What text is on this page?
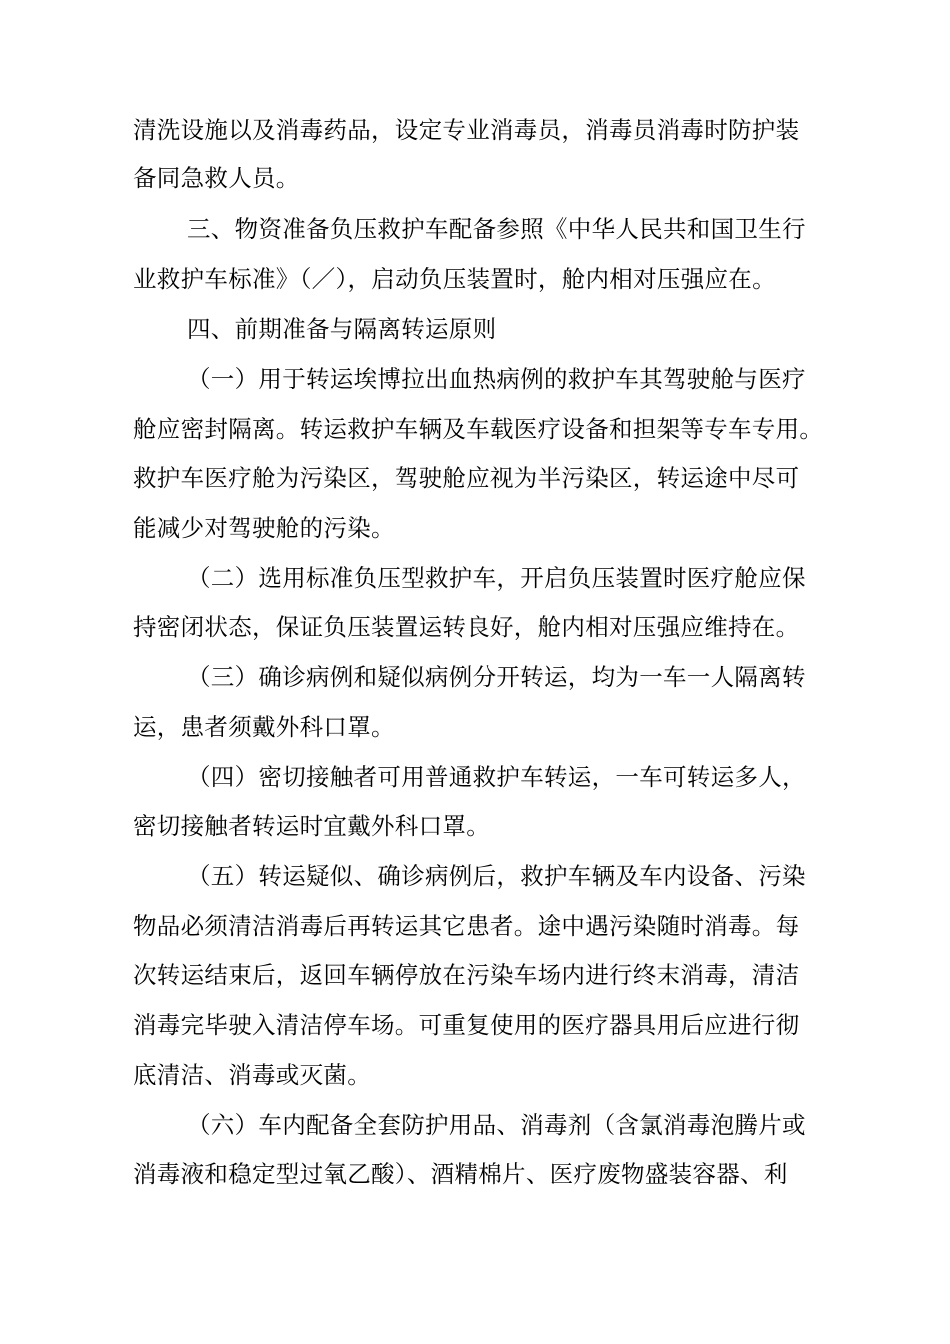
清洗设施以及消毒药品，设定专业消毒员，消毒员消毒时防护装
备同急救人员。
三、物资准备负压救护车配备参照《中华人民共和国卫生行
业救护车标准》（／），启动负压装置时，舱内相对压强应在。
四、前期准备与隔离转运原则
（一）用于转运埃博拉出血热病例的救护车其驾驶舱与医疗
舱应密封隔离。转运救护车辆及车载医疗设备和担架等专车专用。
救护车医疗舱为污染区，驾驶舱应视为半污染区，转运途中尽可
能减少对驾驶舱的污染。
（二）选用标准负压型救护车，开启负压装置时医疗舱应保
持密闭状态，保证负压装置运转良好，舱内相对压强应维持在。
（三）确诊病例和疑似病例分开转运，均为一车一人隔离转
运，患者须戴外科口罩。
（四）密切接触者可用普通救护车转运，一车可转运多人，
密切接触者转运时宜戴外科口罩。
（五）转运疑似、确诊病例后，救护车辆及车内设备、污染
物品必须清洁消毒后再转运其它患者。途中遇污染随时消毒。每
次转运结束后，返回车辆停放在污染车场内进行终末消毒，清洁
消毒完毕驶入清洁停车场。可重复使用的医疗器具用后应进行彻
底清洁、消毒或灭菌。
（六）车内配备全套防护用品、消毒剂（含氯消毒泡腾片或
消毒液和稳定型过氧乙酸）、酒精棉片、医疗废物盛装容器、利
